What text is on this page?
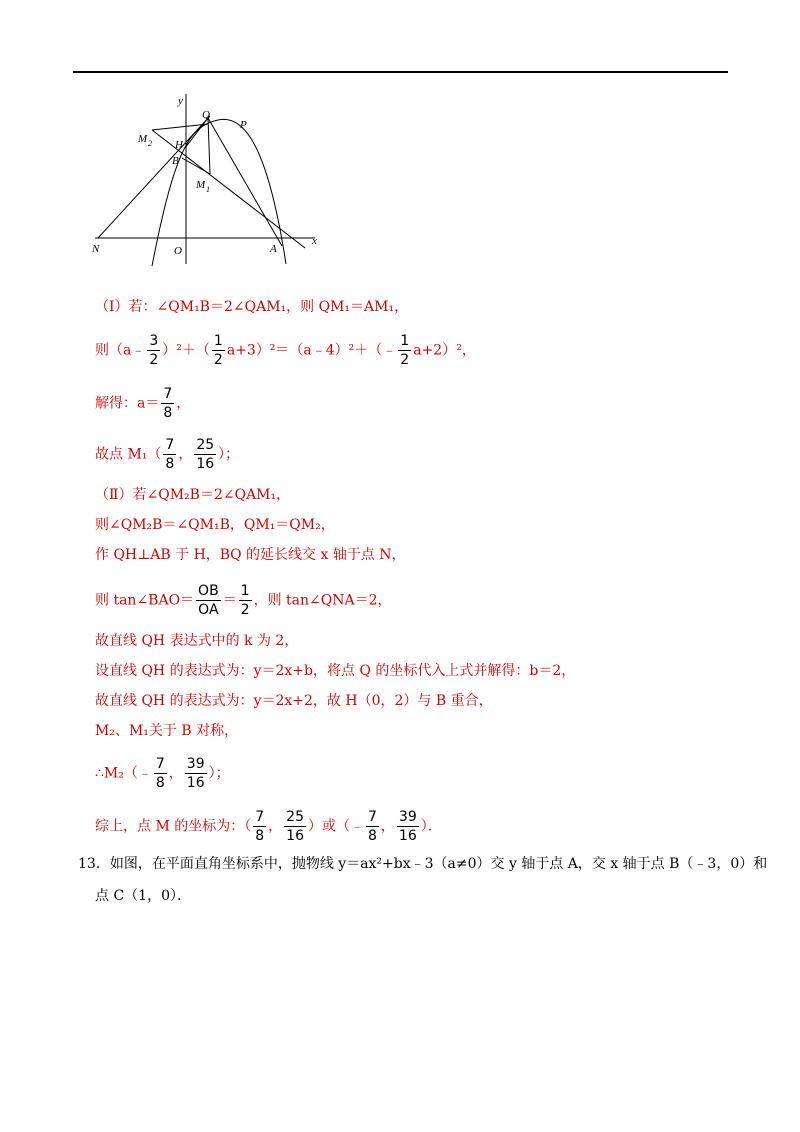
y
x
O
Q
P
M 2 H
B
M 1
N	A
（Ⅰ）若：∠QM₁B＝2∠QAM₁，则 QM₁＝AM₁，
则（a﹣ $\frac{3}{2} )^2+( \frac{1}{2}$ a+3）²＝（a﹣4）²＋（﹣ $\frac{1}{2} a+2)^2$，
解得：$a= \frac{7}{8}$ ，
故点 $M_1( \frac{7}{8}$ ， $\frac{25}{16}$ ）；
（Ⅱ）若∠QM₂B＝2∠QAM₁，
则∠QM₂B＝∠QM₁B，QM₁＝QM₂，
作 QH⊥AB 于 H，BQ 的延长线交 x 轴于点 N，
则 tan∠BAO＝ $\frac{OB}{OA} = \frac{1}{2}$ ，则 tan∠QNA＝2，
故直线 QH 表达式中的 k 为 2，
设直线 QH 的表达式为：y＝2x+b，将点 Q 的坐标代入上式并解得：b＝2，
故直线 QH 的表达式为：y＝2x+2，故 H（0，2）与 B 重合，
M₂、M₁关于 B 对称，
∴M₂（﹣ $\frac{7}{8}$ ， $\frac{39}{16}$ ）；
综上，点 M 的坐标为：（ $\frac{7}{8}$ ， $\frac{25}{16}$ ）或（﹣ $\frac{7}{8}$ ， $\frac{39}{16}$ ）．
13．如图，在平面直角坐标系中，抛物线 y＝ax²+bx﹣3（a≠0）交 y 轴于点 A，交 x 轴于点 B（﹣3，0）和
点 C（1，0）．
